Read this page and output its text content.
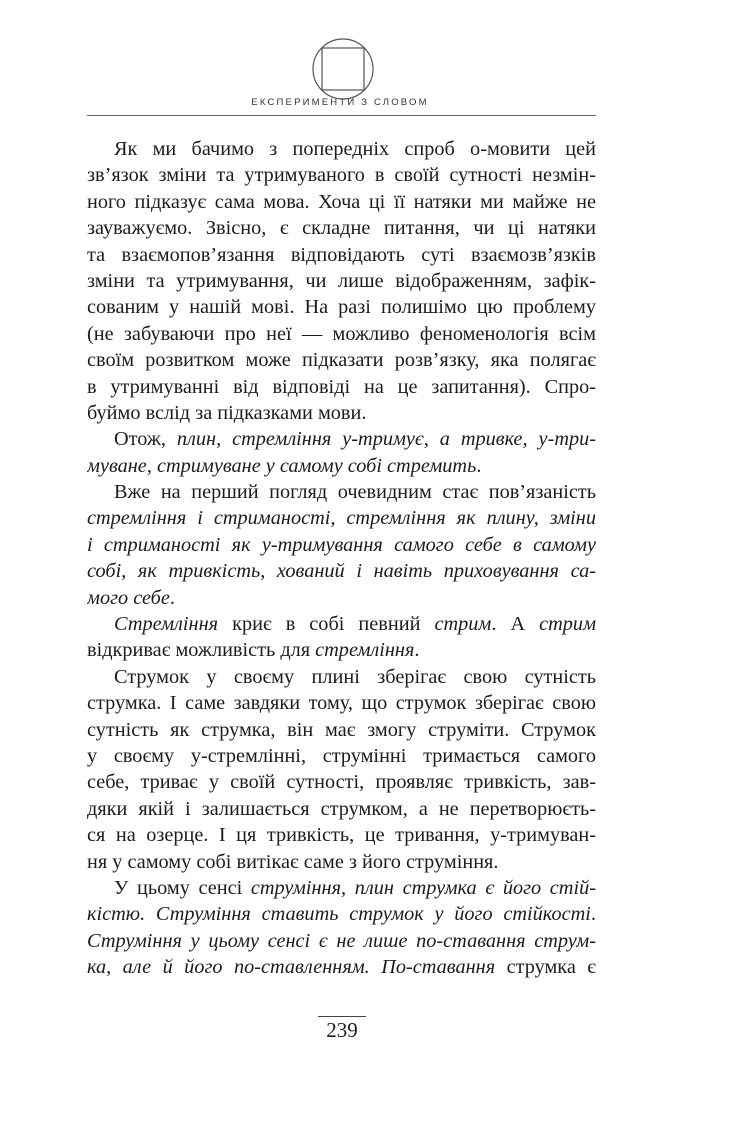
ЕКСПЕРИМЕНТИ З СЛОВОМ
Як ми бачимо з попередніх спроб о-мовити цей
зв’язок зміни та утримуваного в своїй сутності незмін-
ного підказує сама мова. Хоча ці її натяки ми майже не
зауважуємо. Звісно, є складне питання, чи ці натяки
та взаємопов’язання відповідають суті взаємозв’язків
зміни та утримування, чи лише відображенням, зафік-
сованим у нашій мові. На разі полишімо цю проблему
(не забуваючи про неї — можливо феноменологія всім
своїм розвитком може підказати розв’язку, яка полягає
в утримуванні від відповіді на це запитання). Спро-
буймо вслід за підказками мови.
Отож, плин, стремління у-тримує, а тривке, у-три-
муване, стримуване у самому собі стремить.
Вже на перший погляд очевидним стає пов’язаність
стремління і стриманості, стремління як плину, зміни
і стриманості як у-тримування самого себе в самому
собі, як тривкість, хований і навіть приховування са-
мого себе.
Стремління криє в собі певний стрим. А стрим
відкриває можливість для стремління.
Струмок у своєму плині зберігає свою сутність
струмка. І саме завдяки тому, що струмок зберігає свою
сутність як струмка, він має змогу струміти. Струмок
у своєму у-стремлінні, струмінні тримається самого
себе, триває у своїй сутності, проявляє тривкість, зав-
дяки якій і залишається струмком, а не перетворюєть-
ся на озерце. І ця тривкість, це тривання, у-тримуван-
ня у самому собі витікає саме з його струміння.
У цьому сенсі струміння, плин струмка є його стій-
кістю. Струміння ставить струмок у його стійкості.
Струміння у цьому сенсі є не лише по-ставання струм-
ка, але й його по-ставленням. По-ставання струмка є
239
